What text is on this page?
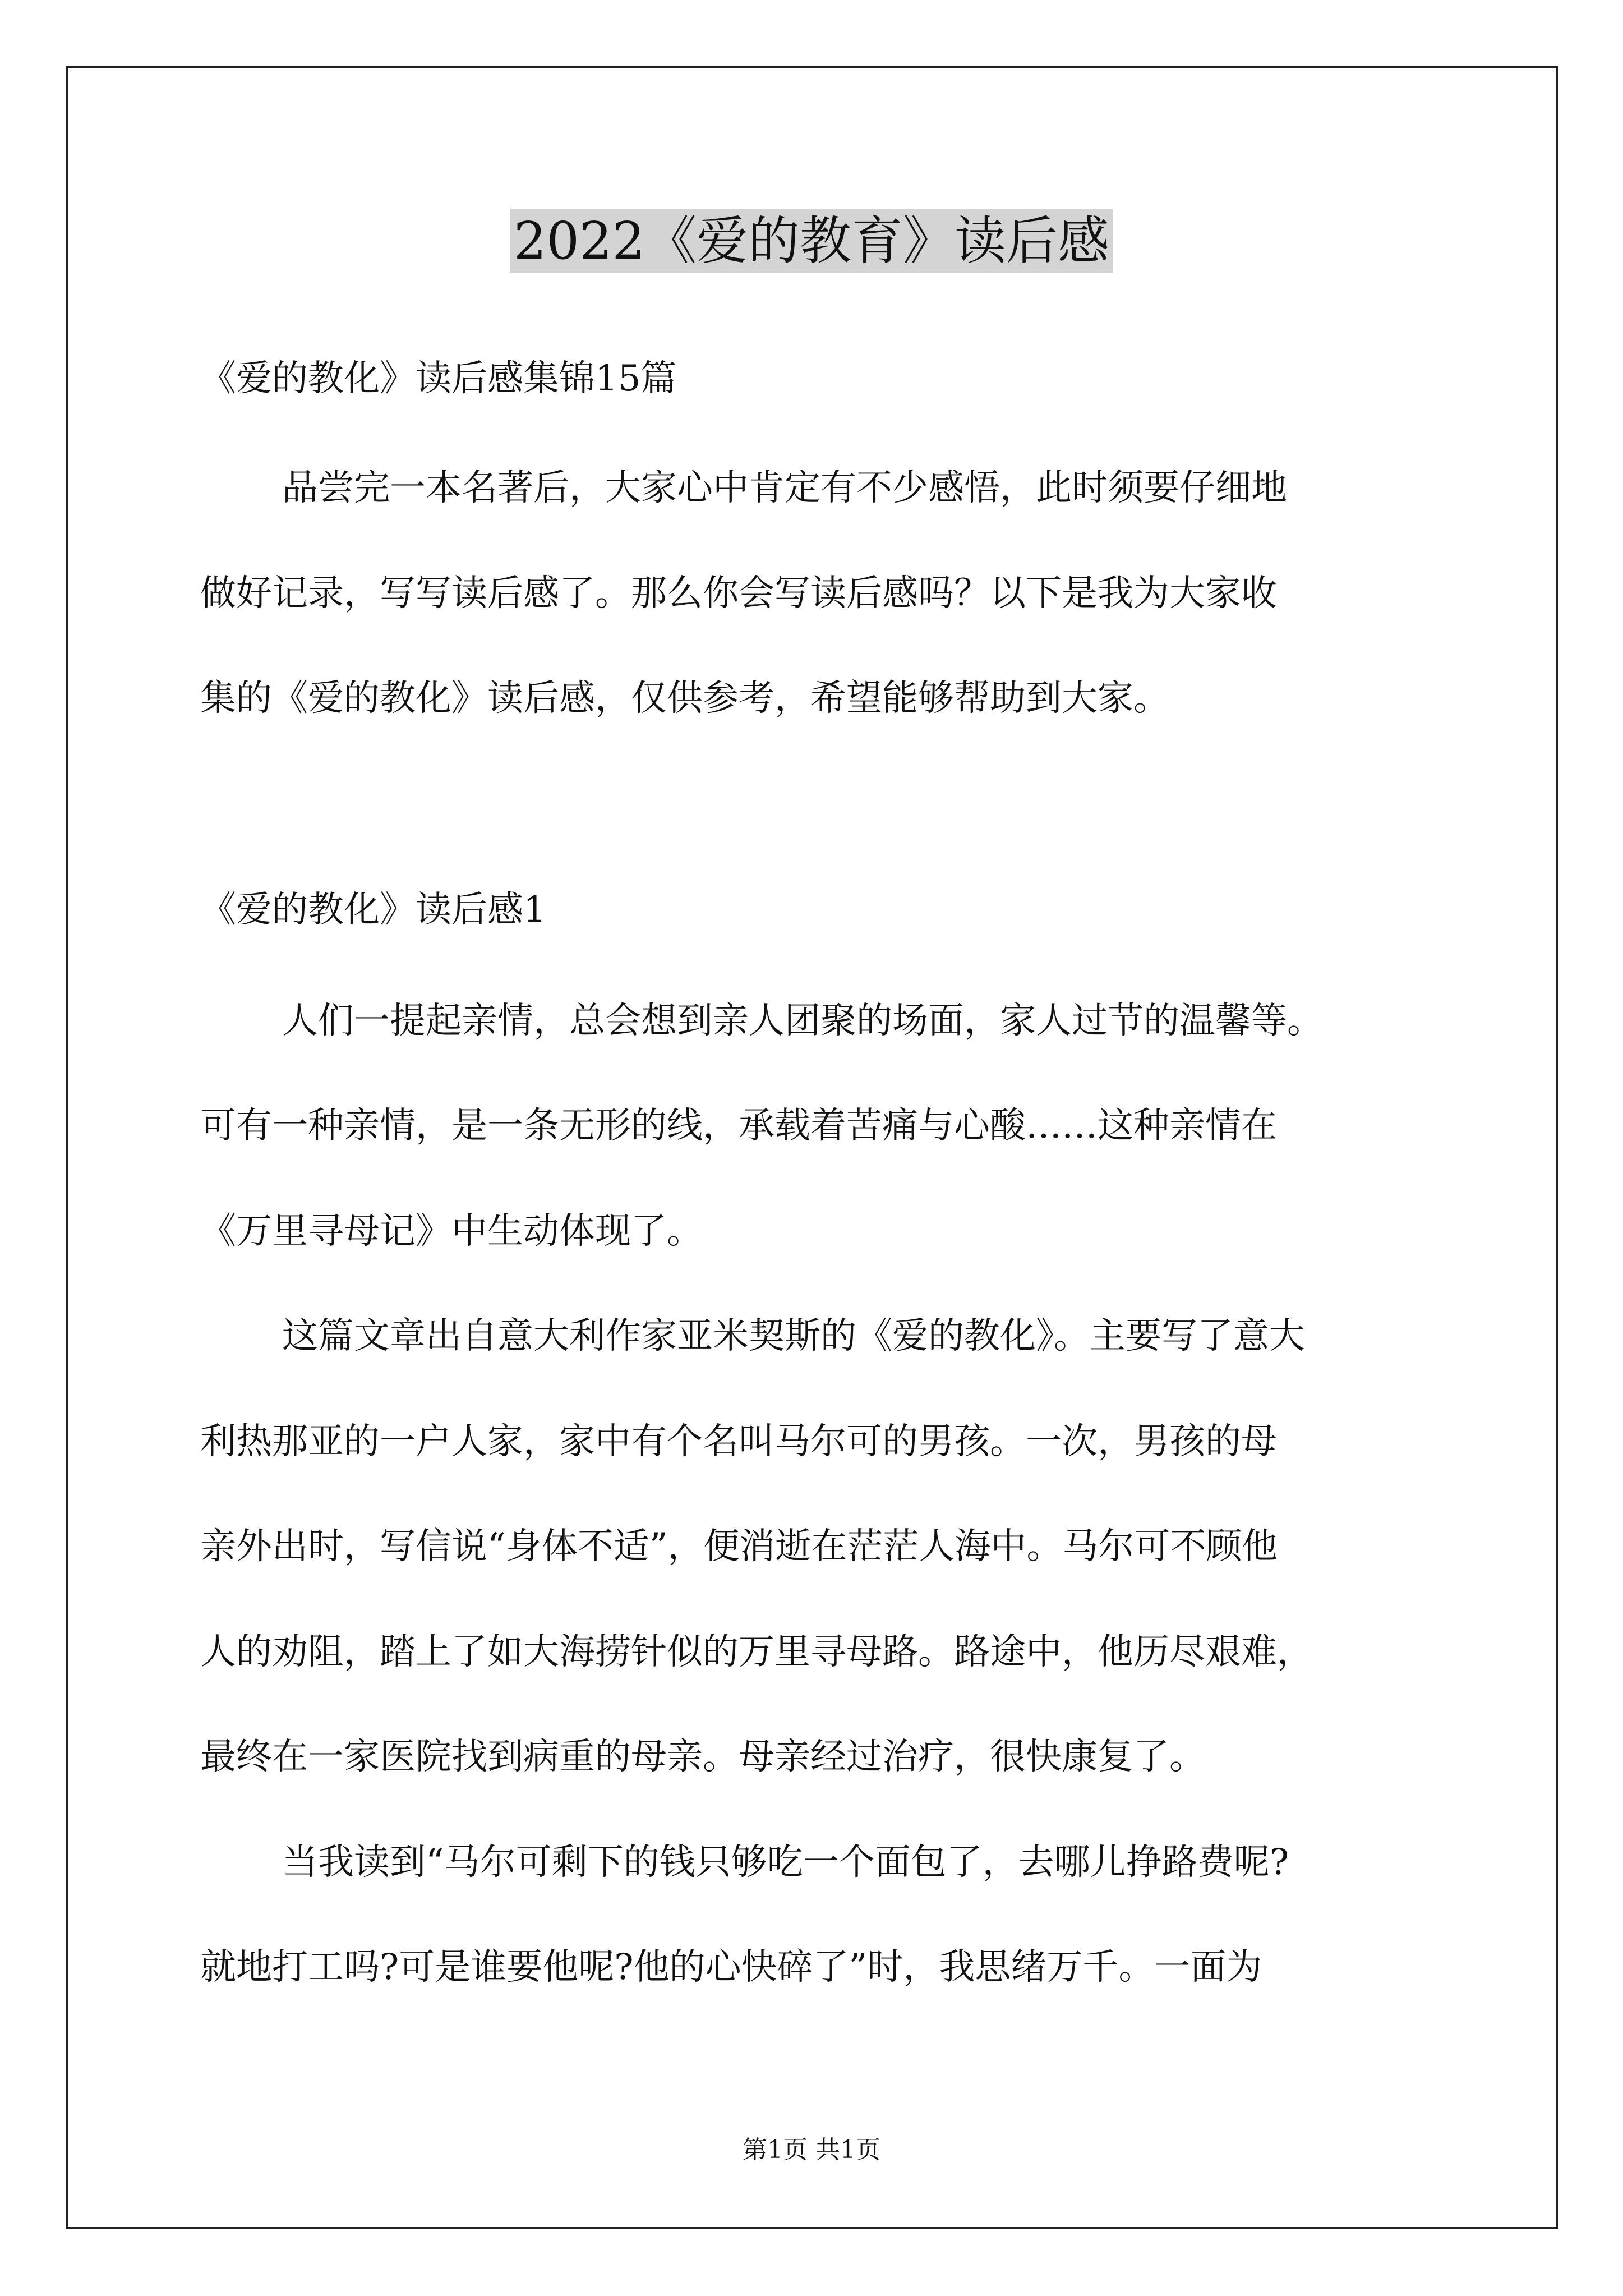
2022《爱的教育》读后感
《爱的教化》读后感集锦15篇
品尝完一本名著后，大家心中肯定有不少感悟，此时须要仔细地
做好记录，写写读后感了。那么你会写读后感吗？以下是我为大家收
集的《爱的教化》读后感，仅供参考，希望能够帮助到大家。
《爱的教化》读后感1
人们一提起亲情，总会想到亲人团聚的场面，家人过节的温馨等。
可有一种亲情，是一条无形的线，承载着苦痛与心酸……这种亲情在
《万里寻母记》中生动体现了。
这篇文章出自意大利作家亚米契斯的《爱的教化》。主要写了意大
利热那亚的一户人家，家中有个名叫马尔可的男孩。一次，男孩的母
亲外出时，写信说“身体不适”，便消逝在茫茫人海中。马尔可不顾他
人的劝阻，踏上了如大海捞针似的万里寻母路。路途中，他历尽艰难，
最终在一家医院找到病重的母亲。母亲经过治疗，很快康复了。
当我读到“马尔可剩下的钱只够吃一个面包了，去哪儿挣路费呢?
就地打工吗?可是谁要他呢?他的心快碎了”时，我思绪万千。一面为
第1页 共1页
